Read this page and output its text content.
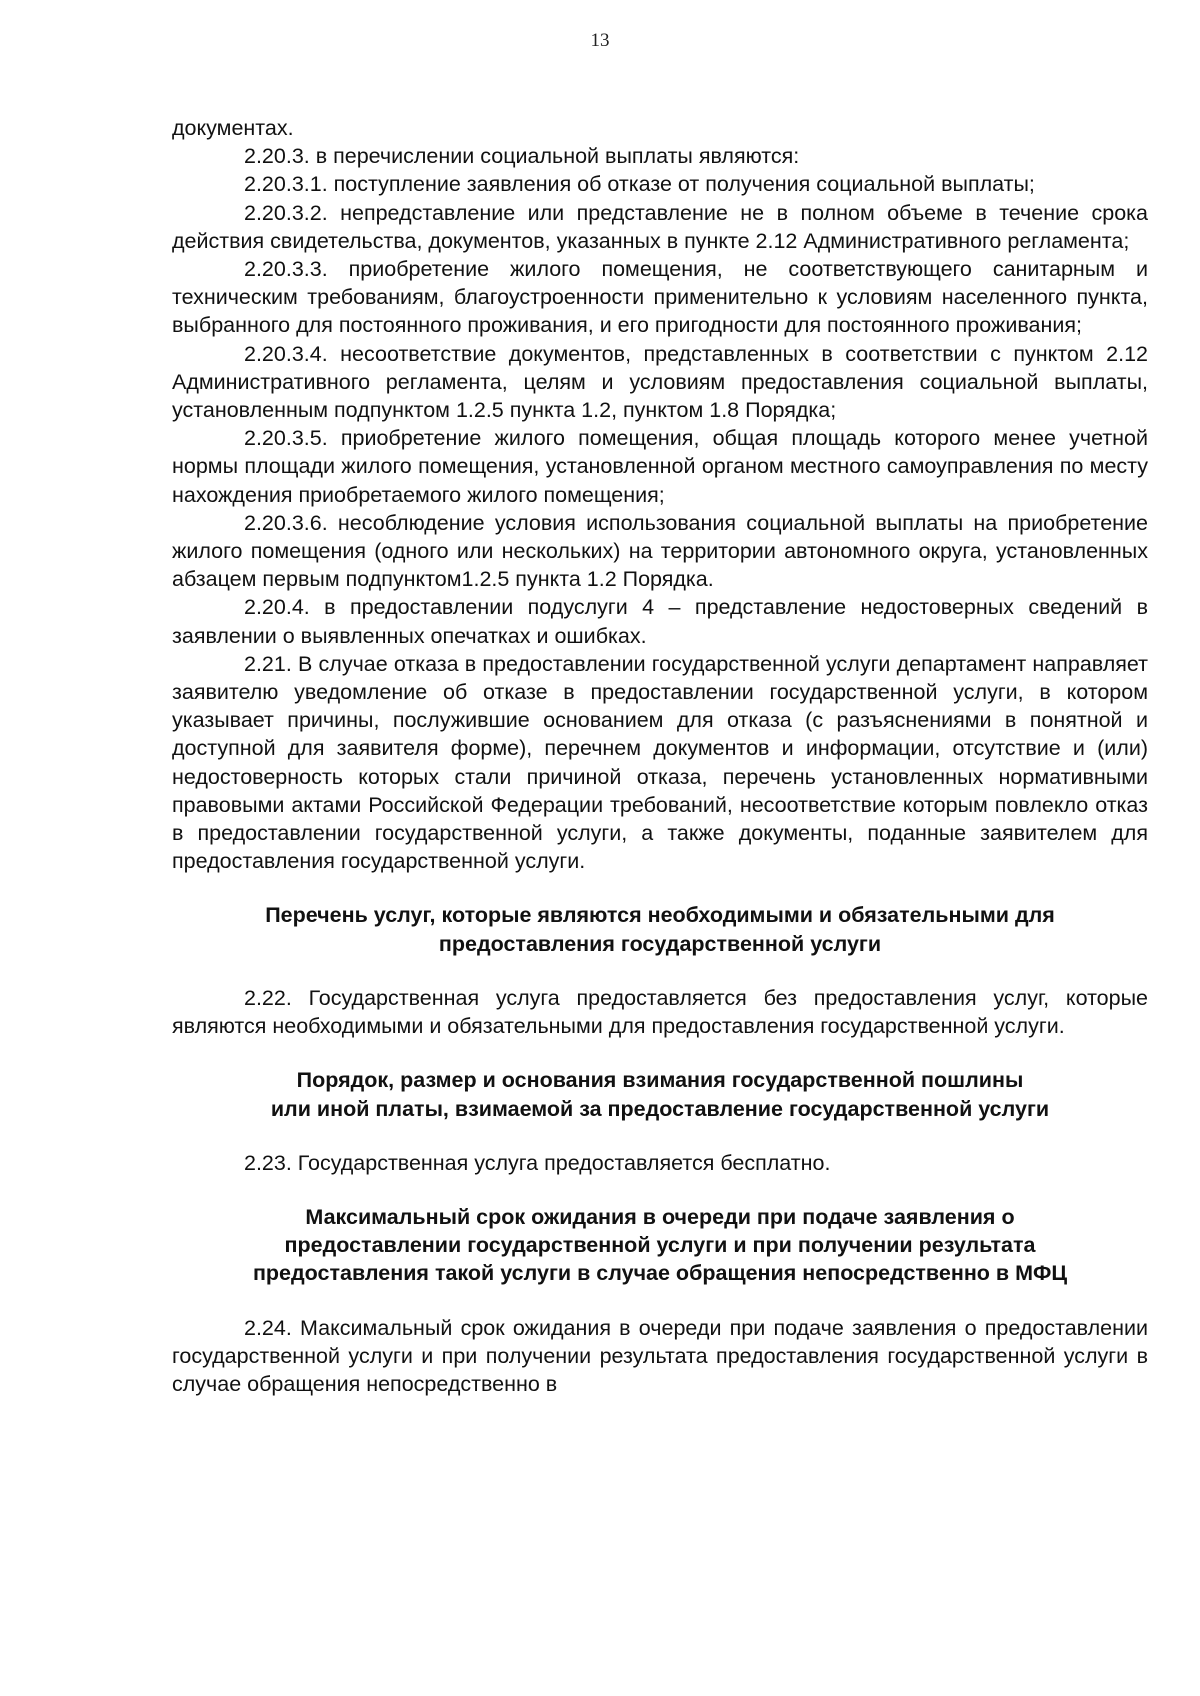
13

документах.

2.20.3. в перечислении социальной выплаты являются:

2.20.3.1. поступление заявления об отказе от получения социальной выплаты;

2.20.3.2. непредставление или представление не в полном объеме в течение срока действия свидетельства, документов, указанных в пункте 2.12 Административного регламента;

2.20.3.3. приобретение жилого помещения, не соответствующего санитарным и техническим требованиям, благоустроенности применительно к условиям населенного пункта, выбранного для постоянного проживания, и его пригодности для постоянного проживания;

2.20.3.4. несоответствие документов, представленных в соответствии с пунктом 2.12 Административного регламента, целям и условиям предоставления социальной выплаты, установленным подпунктом 1.2.5 пункта 1.2, пунктом 1.8 Порядка;

2.20.3.5. приобретение жилого помещения, общая площадь которого менее учетной нормы площади жилого помещения, установленной органом местного самоуправления по месту нахождения приобретаемого жилого помещения;

2.20.3.6. несоблюдение условия использования социальной выплаты на приобретение жилого помещения (одного или нескольких) на территории автономного округа, установленных абзацем первым подпунктом1.2.5 пункта 1.2 Порядка.

2.20.4. в предоставлении подуслуги 4 – представление недостоверных сведений в заявлении о выявленных опечатках и ошибках.

2.21. В случае отказа в предоставлении государственной услуги департамент направляет заявителю уведомление об отказе в предоставлении государственной услуги, в котором указывает причины, послужившие основанием для отказа (с разъяснениями в понятной и доступной для заявителя форме), перечнем документов и информации, отсутствие и (или) недостоверность которых стали причиной отказа, перечень установленных нормативными правовыми актами Российской Федерации требований, несоответствие которым повлекло отказ в предоставлении государственной услуги, а также документы, поданные заявителем для предоставления государственной услуги.

Перечень услуг, которые являются необходимыми и обязательными для

предоставления государственной услуги

2.22. Государственная услуга предоставляется без предоставления услуг, которые являются необходимыми и обязательными для предоставления государственной услуги.

Порядок, размер и основания взимания государственной пошлины

или иной платы, взимаемой за предоставление государственной услуги

2.23. Государственная услуга предоставляется бесплатно.

Максимальный срок ожидания в очереди при подаче заявления о

предоставлении государственной услуги и при получении результата

предоставления такой услуги в случае обращения непосредственно в МФЦ

2.24. Максимальный срок ожидания в очереди при подаче заявления о предоставлении государственной услуги и при получении результата предоставления государственной услуги в случае обращения непосредственно в
